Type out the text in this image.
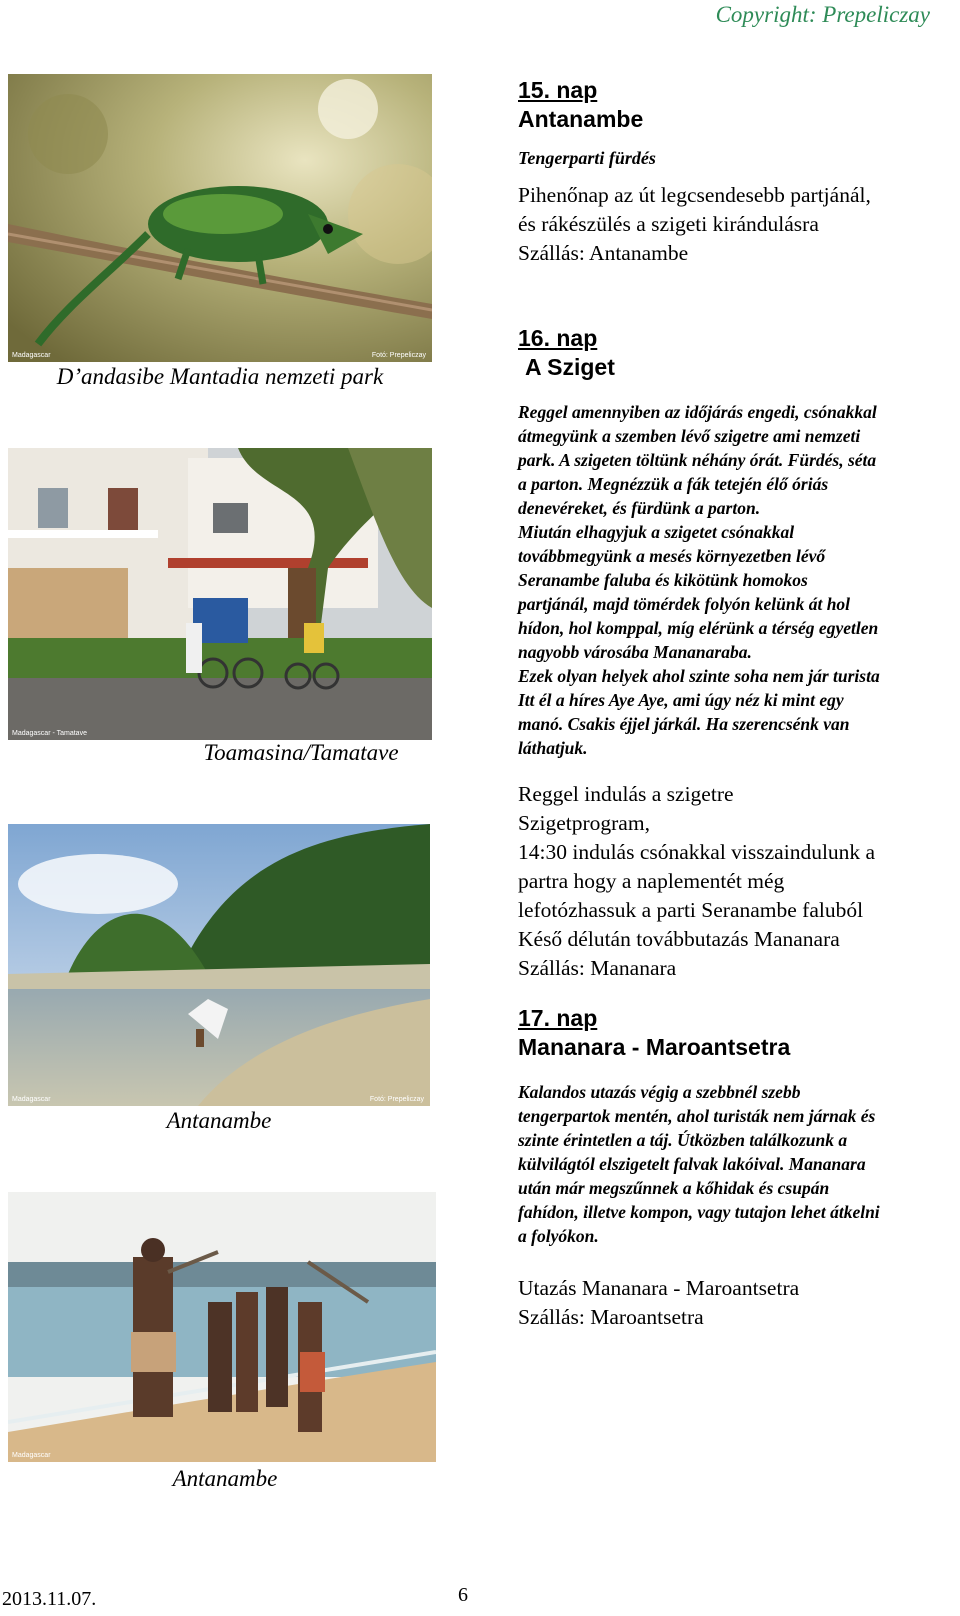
Copyright: Prepeliczay
Madagascar	Fotó: Prepeliczay
D’andasibe Mantadia nemzeti park
Madagascar - Tamatave
Toamasina/Tamatave
Madagascar	Fotó: Prepeliczay
Antanambe
Madagascar
Antanambe
15. nap
Antanambe
Tengerparti fürdés
Pihenőnap az út legcsendesebb partjánál,
és rákészülés a szigeti kirándulásra
Szállás: Antanambe
16. nap
A Sziget
Reggel amennyiben az időjárás engedi, csónakkal
átmegyünk a szemben lévő szigetre ami nemzeti
park. A szigeten töltünk néhány órát. Fürdés, séta
a parton. Megnézzük a fák tetején élő óriás
denevéreket, és fürdünk a parton.
Miután elhagyjuk a szigetet csónakkal
továbbmegyünk a mesés környezetben lévő
Seranambe faluba és kikötünk homokos
partjánál, majd tömérdek folyón kelünk át hol
hídon, hol komppal, míg elérünk a térség egyetlen
nagyobb városába Mananaraba.
Ezek olyan helyek ahol szinte soha nem jár turista
Itt él a híres Aye Aye, ami úgy néz ki mint egy
manó. Csakis éjjel járkál. Ha szerencsénk van
láthatjuk.
Reggel indulás a szigetre
Szigetprogram,
14:30 indulás csónakkal visszaindulunk a
partra hogy a naplementét még
lefotózhassuk a parti Seranambe faluból
Késő délután továbbutazás Mananara
Szállás: Mananara
17. nap
Mananara - Maroantsetra
Kalandos utazás végig a szebbnél szebb
tengerpartok mentén, ahol turisták nem járnak és
szinte érintetlen a táj. Útközben találkozunk a
külvilágtól elszigetelt falvak lakóival. Mananara
után már megszűnnek a kőhidak és csupán
fahídon, illetve kompon, vagy tutajon lehet átkelni
a folyókon.
Utazás Mananara - Maroantsetra
Szállás: Maroantsetra
2013.11.07.	6
